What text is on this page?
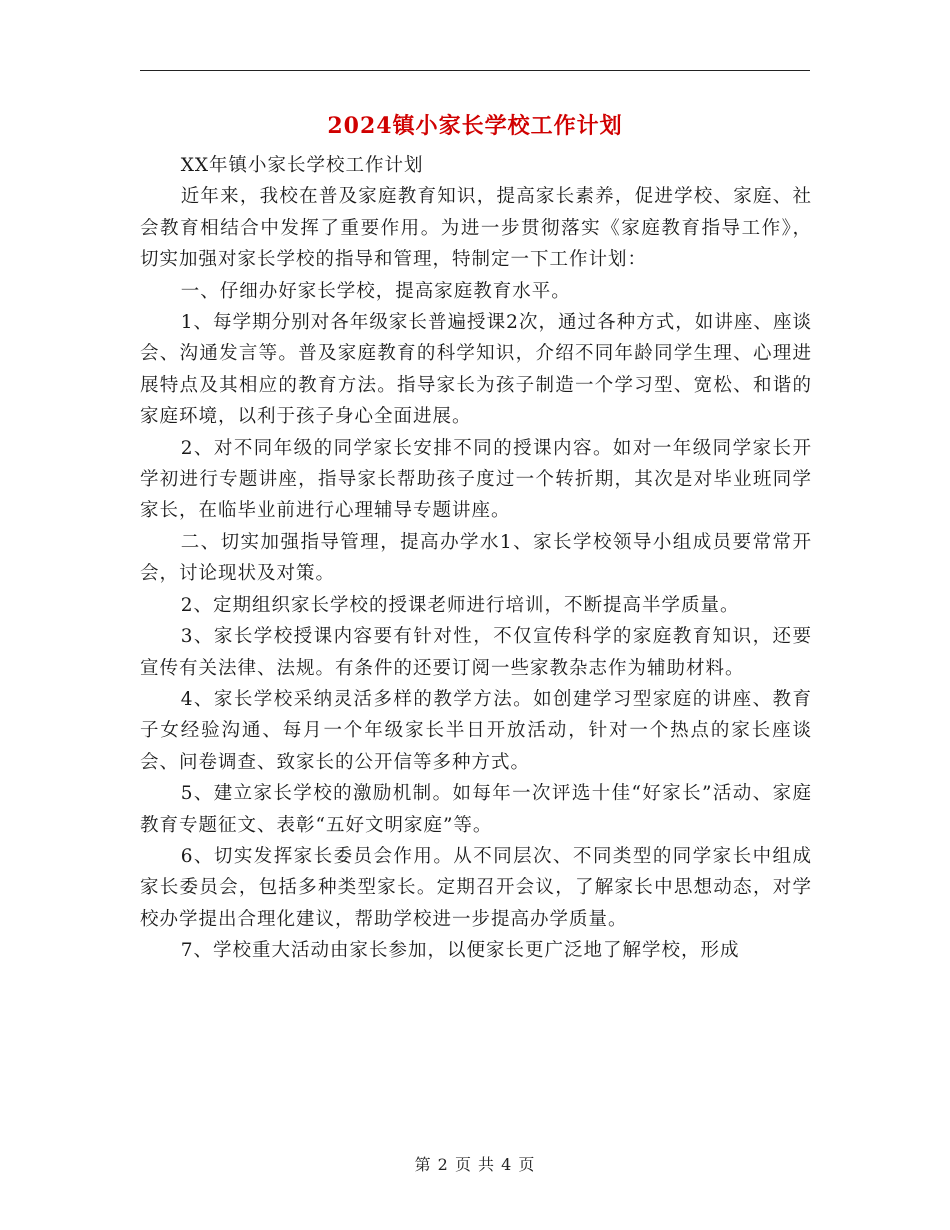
2024镇小家长学校工作计划

XX年镇小家长学校工作计划

近年来，我校在普及家庭教育知识，提高家长素养，促进学校、家庭、社会教育相结合中发挥了重要作用。为进一步贯彻落实《家庭教育指导工作》，切实加强对家长学校的指导和管理，特制定一下工作计划：

一、仔细办好家长学校，提高家庭教育水平。

1、每学期分别对各年级家长普遍授课2次，通过各种方式，如讲座、座谈会、沟通发言等。普及家庭教育的科学知识，介绍不同年龄同学生理、心理进展特点及其相应的教育方法。指导家长为孩子制造一个学习型、宽松、和谐的家庭环境，以利于孩子身心全面进展。

2、对不同年级的同学家长安排不同的授课内容。如对一年级同学家长开学初进行专题讲座，指导家长帮助孩子度过一个转折期，其次是对毕业班同学家长，在临毕业前进行心理辅导专题讲座。

二、切实加强指导管理，提高办学水1、家长学校领导小组成员要常常开会，讨论现状及对策。

2、定期组织家长学校的授课老师进行培训，不断提高半学质量。

3、家长学校授课内容要有针对性，不仅宣传科学的家庭教育知识，还要宣传有关法律、法规。有条件的还要订阅一些家教杂志作为辅助材料。

4、家长学校采纳灵活多样的教学方法。如创建学习型家庭的讲座、教育子女经验沟通、每月一个年级家长半日开放活动，针对一个热点的家长座谈会、问卷调查、致家长的公开信等多种方式。

5、建立家长学校的激励机制。如每年一次评选十佳“好家长”活动、家庭教育专题征文、表彰“五好文明家庭”等。

6、切实发挥家长委员会作用。从不同层次、不同类型的同学家长中组成家长委员会，包括多种类型家长。定期召开会议，了解家长中思想动态，对学校办学提出合理化建议，帮助学校进一步提高办学质量。

7、学校重大活动由家长参加，以便家长更广泛地了解学校，形成

第 2 页 共 4 页
